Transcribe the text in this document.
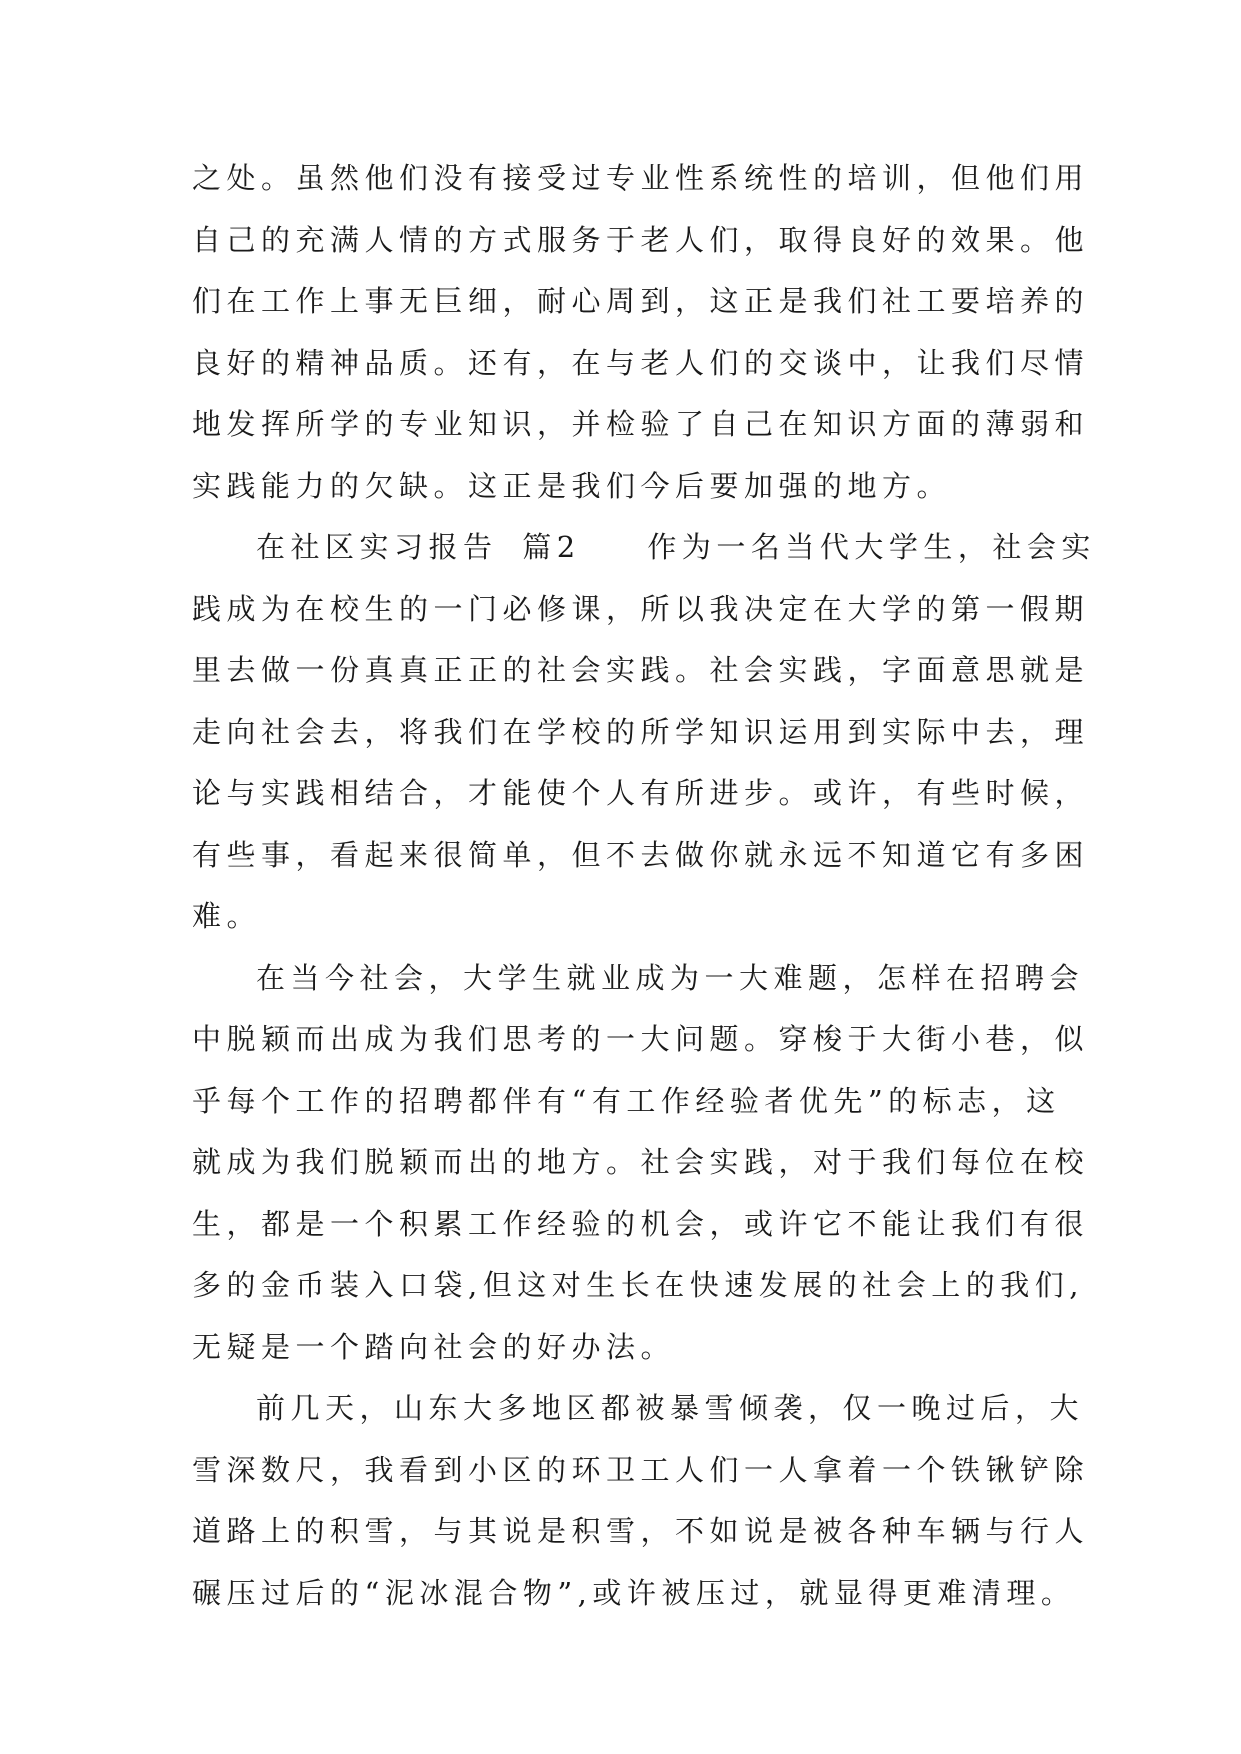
之处。虽然他们没有接受过专业性系统性的培训，但他们用
自己的充满人情的方式服务于老人们，取得良好的效果。他
们在工作上事无巨细，耐心周到，这正是我们社工要培养的
良好的精神品质。还有，在与老人们的交谈中，让我们尽情
地发挥所学的专业知识，并检验了自己在知识方面的薄弱和
实践能力的欠缺。这正是我们今后要加强的地方。
在社区实习报告 篇2 作为一名当代大学生，社会实
践成为在校生的一门必修课，所以我决定在大学的第一假期
里去做一份真真正正的社会实践。社会实践，字面意思就是
走向社会去，将我们在学校的所学知识运用到实际中去，理
论与实践相结合，才能使个人有所进步。或许，有些时候，
有些事，看起来很简单，但不去做你就永远不知道它有多困
难。
在当今社会，大学生就业成为一大难题，怎样在招聘会
中脱颖而出成为我们思考的一大问题。穿梭于大街小巷，似
乎每个工作的招聘都伴有“有工作经验者优先”的标志，这
就成为我们脱颖而出的地方。社会实践，对于我们每位在校
生，都是一个积累工作经验的机会，或许它不能让我们有很
多的金币装入口袋,但这对生长在快速发展的社会上的我们,
无疑是一个踏向社会的好办法。
前几天，山东大多地区都被暴雪倾袭，仅一晚过后，大
雪深数尺，我看到小区的环卫工人们一人拿着一个铁锹铲除
道路上的积雪，与其说是积雪，不如说是被各种车辆与行人
碾压过后的“泥冰混合物”,或许被压过，就显得更难清理。
